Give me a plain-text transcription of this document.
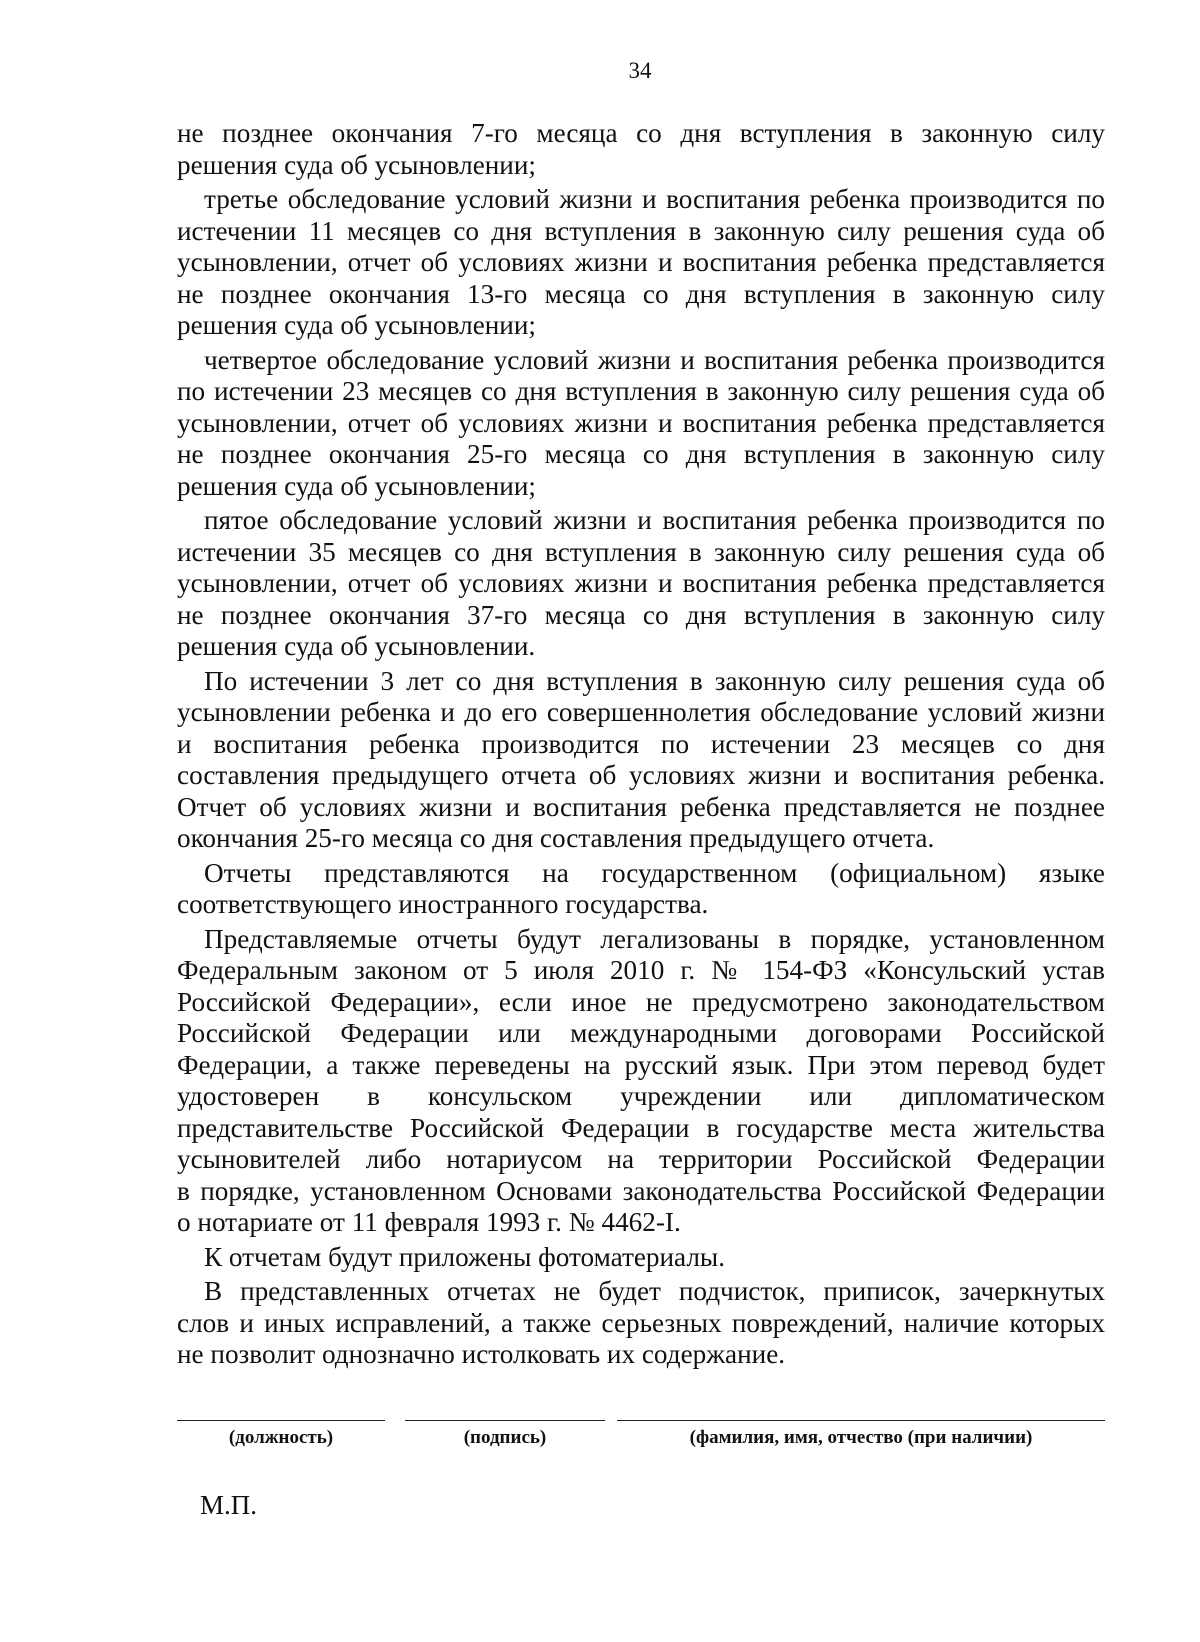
34
не позднее окончания 7-го месяца со дня вступления в законную силу
решения суда об усыновлении;
третье обследование условий жизни и воспитания ребенка производится по
истечении 11 месяцев со дня вступления в законную силу решения суда об
усыновлении, отчет об условиях жизни и воспитания ребенка представляется
не позднее окончания 13-го месяца со дня вступления в законную силу
решения суда об усыновлении;
четвертое обследование условий жизни и воспитания ребенка производится
по истечении 23 месяцев со дня вступления в законную силу решения суда об
усыновлении, отчет об условиях жизни и воспитания ребенка представляется
не позднее окончания 25-го месяца со дня вступления в законную силу
решения суда об усыновлении;
пятое обследование условий жизни и воспитания ребенка производится по
истечении 35 месяцев со дня вступления в законную силу решения суда об
усыновлении, отчет об условиях жизни и воспитания ребенка представляется
не позднее окончания 37-го месяца со дня вступления в законную силу
решения суда об усыновлении.
По истечении 3 лет со дня вступления в законную силу решения суда об
усыновлении ребенка и до его совершеннолетия обследование условий жизни
и воспитания ребенка производится по истечении 23 месяцев со дня
составления предыдущего отчета об условиях жизни и воспитания ребенка.
Отчет об условиях жизни и воспитания ребенка представляется не позднее
окончания 25-го месяца со дня составления предыдущего отчета.
Отчеты представляются на государственном (официальном) языке
соответствующего иностранного государства.
Представляемые отчеты будут легализованы в порядке, установленном
Федеральным законом от 5 июля 2010 г. № 154-ФЗ «Консульский устав
Российской Федерации», если иное не предусмотрено законодательством
Российской Федерации или международными договорами Российской
Федерации, а также переведены на русский язык. При этом перевод будет
удостоверен в консульском учреждении или дипломатическом
представительстве Российской Федерации в государстве места жительства
усыновителей либо нотариусом на территории Российской Федерации
в порядке, установленном Основами законодательства Российской Федерации
о нотариате от 11 февраля 1993 г. № 4462-I.
К отчетам будут приложены фотоматериалы.
В представленных отчетах не будет подчисток, приписок, зачеркнутых
слов и иных исправлений, а также серьезных повреждений, наличие которых
не позволит однозначно истолковать их содержание.
(должность)	(подпись)	(фамилия, имя, отчество (при наличии)
М.П.
